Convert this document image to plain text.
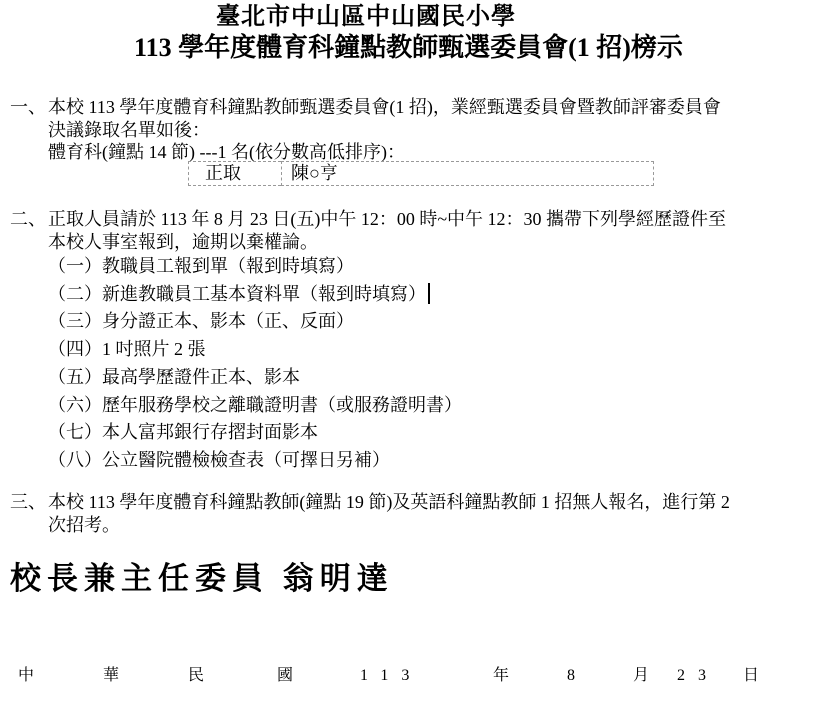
臺北市中山區中山國民小學
113 學年度體育科鐘點教師甄選委員會(1 招)榜示
一、 本校 113 學年度體育科鐘點教師甄選委員會(1 招)，業經甄選委員會暨教師評審委員會
決議錄取名單如後：
體育科(鐘點 14 節) ---1 名(依分數高低排序)：
正取	陳○亨
二、 正取人員請於 113 年 8 月 23 日(五)中午 12：00 時~中午 12：30 攜帶下列學經歷證件至
本校人事室報到，逾期以棄權論。
（一）教職員工報到單（報到時填寫）
（二）新進教職員工基本資料單（報到時填寫）
（三）身分證正本、影本（正、反面）
（四）1 吋照片 2 張
（五）最高學歷證件正本、影本
（六）歷年服務學校之離職證明書（或服務證明書）
（七）本人富邦銀行存摺封面影本
（八）公立醫院體檢檢查表（可擇日另補）
三、 本校 113 學年度體育科鐘點教師(鐘點 19 節)及英語科鐘點教師 1 招無人報名，進行第 2
次招考。
校長兼主任委員 翁明達
中	華	民	國	113	年	8	月 23 日
